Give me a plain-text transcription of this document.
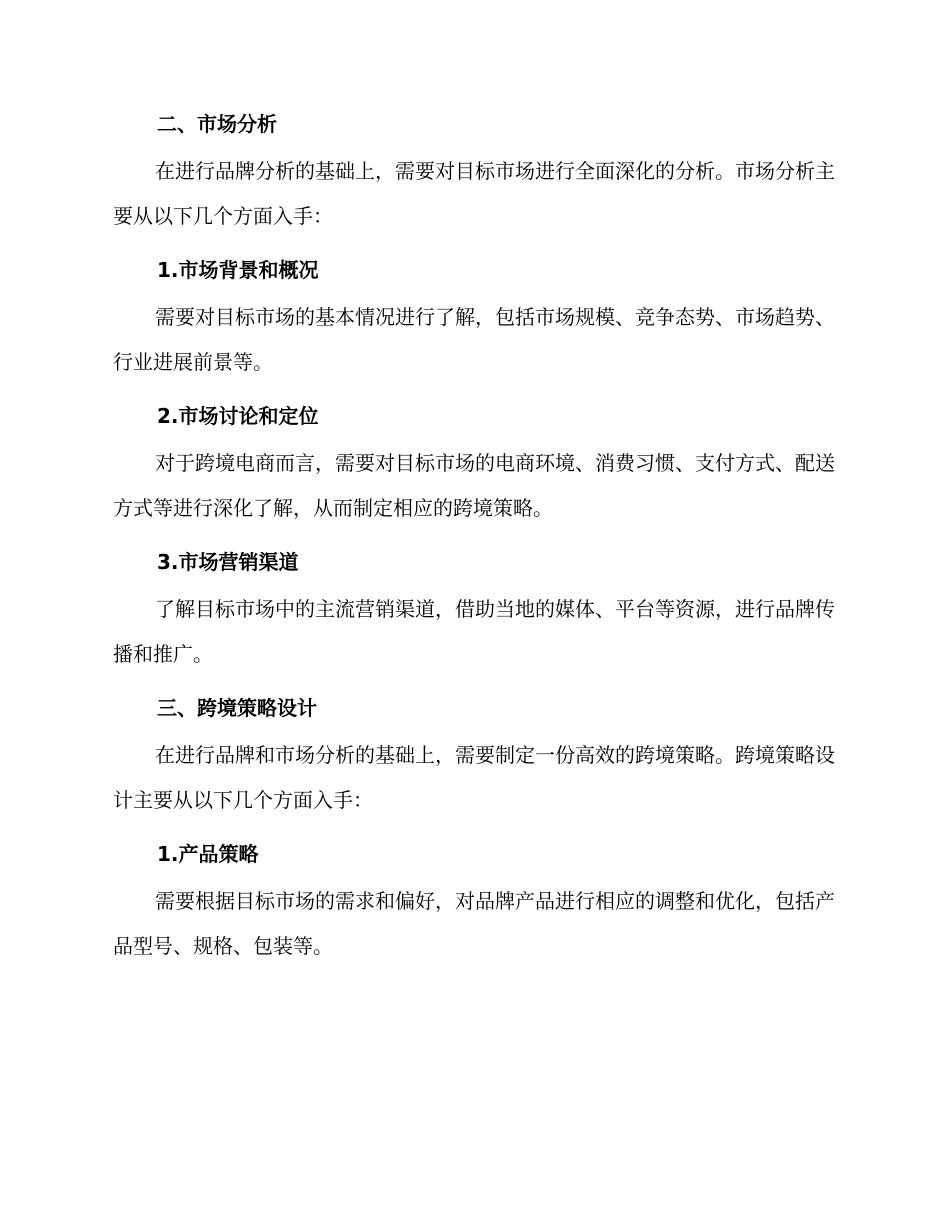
二、市场分析

在进行品牌分析的基础上，需要对目标市场进行全面深化的分析。市场分析主要从以下几个方面入手：

1.市场背景和概况

需要对目标市场的基本情况进行了解，包括市场规模、竞争态势、市场趋势、行业进展前景等。

2.市场讨论和定位

对于跨境电商而言，需要对目标市场的电商环境、消费习惯、支付方式、配送方式等进行深化了解，从而制定相应的跨境策略。

3.市场营销渠道

了解目标市场中的主流营销渠道，借助当地的媒体、平台等资源，进行品牌传播和推广。

三、跨境策略设计

在进行品牌和市场分析的基础上，需要制定一份高效的跨境策略。跨境策略设计主要从以下几个方面入手：

1.产品策略

需要根据目标市场的需求和偏好，对品牌产品进行相应的调整和优化，包括产品型号、规格、包装等。
